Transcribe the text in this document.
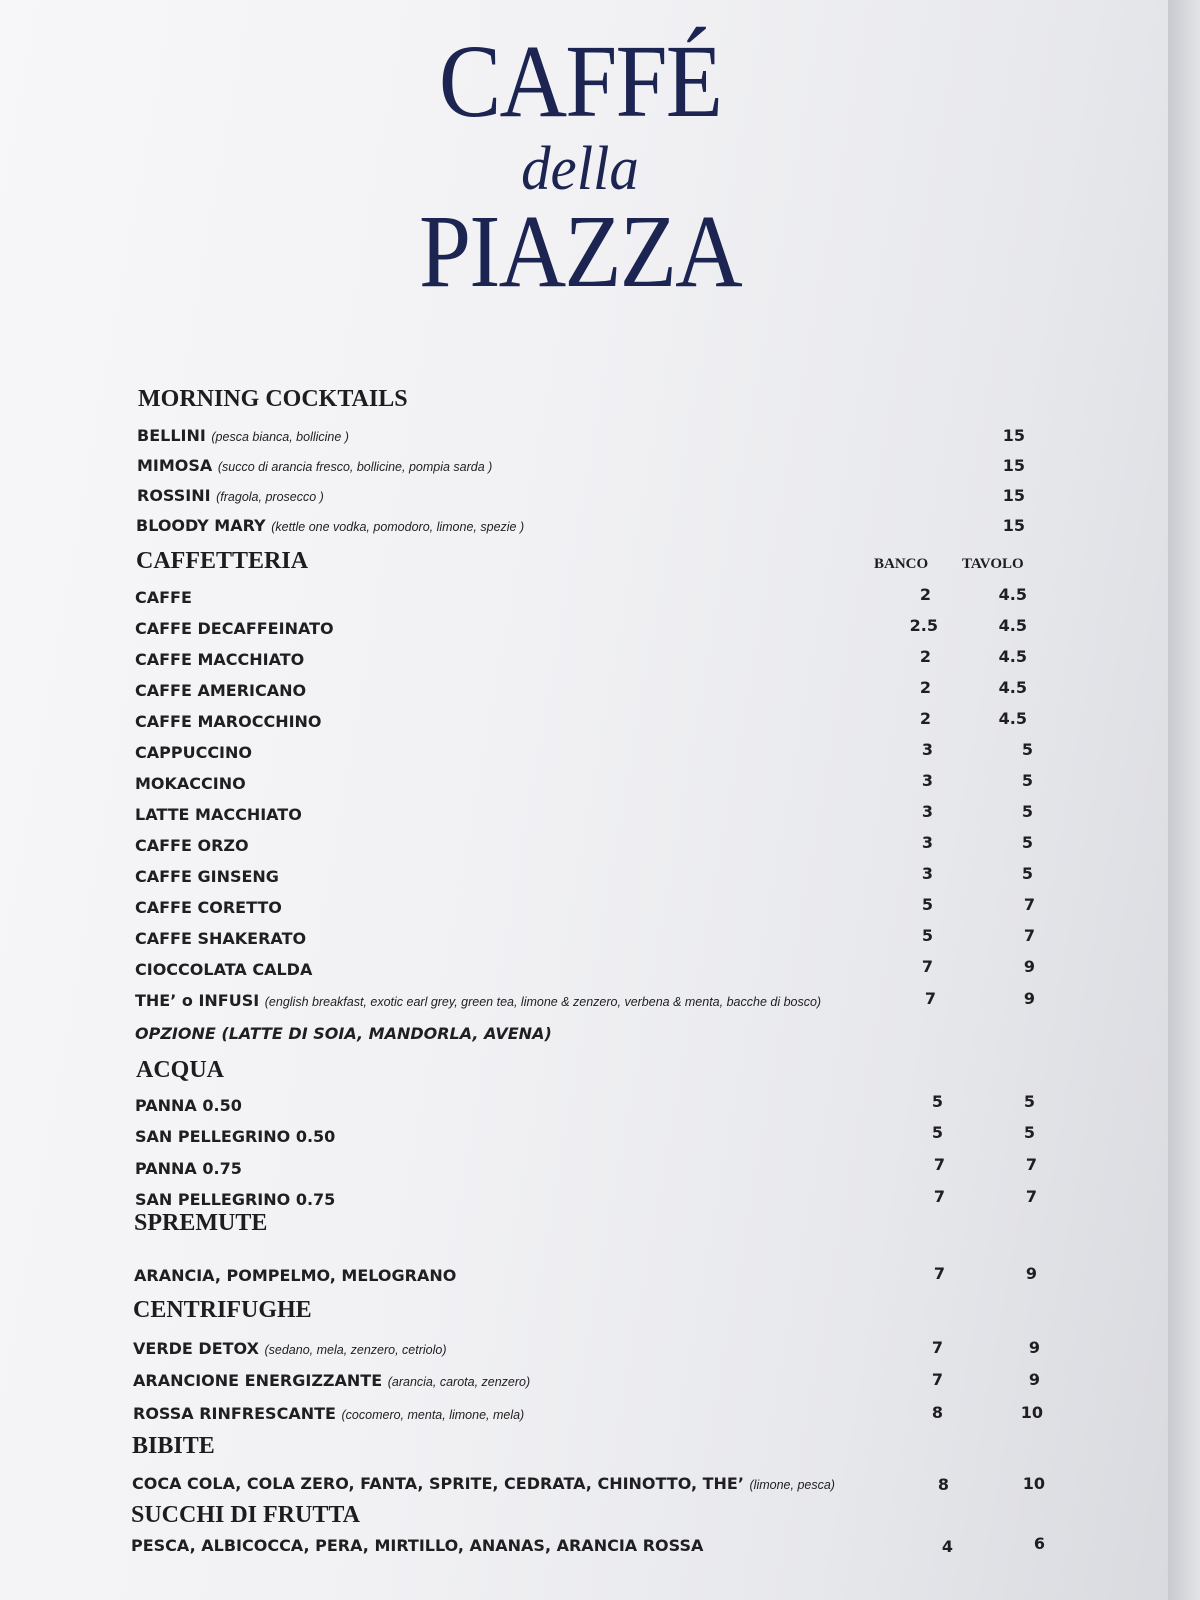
CAFFÉ
della
PIAZZA
MORNING COCKTAILS
BELLINI (pesca bianca, bollicine )	15
MIMOSA (succo di arancia fresco, bollicine, pompia sarda )	15
ROSSINI (fragola, prosecco )	15
BLOODY MARY (kettle one vodka, pomodoro, limone, spezie )	15
CAFFETTERIA	BANCO TAVOLO
CAFFE	2	4.5
CAFFE DECAFFEINATO	2.5	4.5
CAFFE MACCHIATO	2	4.5
CAFFE AMERICANO	2	4.5
CAFFE MAROCCHINO	2	4.5
CAPPUCCINO	3	5
MOKACCINO	3	5
LATTE MACCHIATO	3	5
CAFFE ORZO	3	5
CAFFE GINSENG	3	5
CAFFE CORETTO	5	7
CAFFE SHAKERATO	5	7
CIOCCOLATA CALDA	7	9
THE’ o INFUSI (english breakfast, exotic earl grey, green tea, limone & zenzero, verbena & menta, bacche di bosco)	7	9
OPZIONE (LATTE DI SOIA, MANDORLA, AVENA)
ACQUA
PANNA 0.50	5	5
SAN PELLEGRINO 0.50	5	5
PANNA 0.75	7	7
SAN PELLEGRINO 0.75	7	7
SPREMUTE
ARANCIA, POMPELMO, MELOGRANO	7	9
CENTRIFUGHE
VERDE DETOX (sedano, mela, zenzero, cetriolo)	7	9
ARANCIONE ENERGIZZANTE (arancia, carota, zenzero)	7	9
ROSSA RINFRESCANTE (cocomero, menta, limone, mela)	8	10
BIBITE
COCA COLA, COLA ZERO, FANTA, SPRITE, CEDRATA, CHINOTTO, THE’ (limone, pesca)	8	10
SUCCHI DI FRUTTA
PESCA, ALBICOCCA, PERA, MIRTILLO, ANANAS, ARANCIA ROSSA	4	6
